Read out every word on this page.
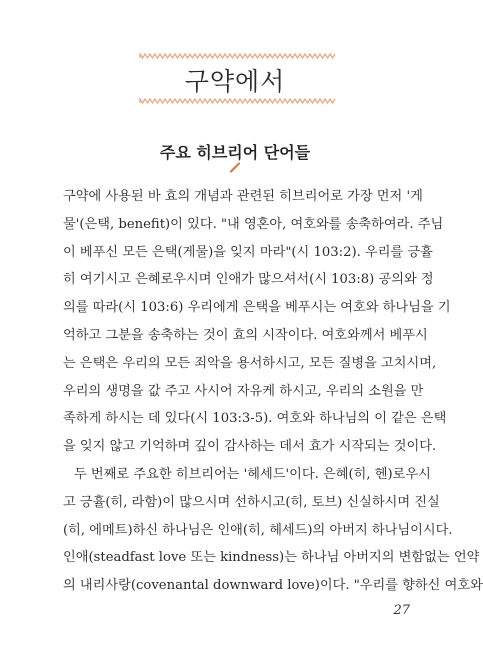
구약에서
주요 히브리어 단어들
구약에 사용된 바 효의 개념과 관련된 히브리어로 가장 먼저 '게
물'(은택, benefit)이 있다. "내 영혼아, 여호와를 송축하여라. 주님
이 베푸신 모든 은택(게물)을 잊지 마라"(시 103:2). 우리를 긍휼
히 여기시고 은혜로우시며 인애가 많으셔서(시 103:8) 공의와 정
의를 따라(시 103:6) 우리에게 은택을 베푸시는 여호와 하나님을 기
억하고 그분을 송축하는 것이 효의 시작이다. 여호와께서 베푸시
는 은택은 우리의 모든 죄악을 용서하시고, 모든 질병을 고치시며,
우리의 생명을 값 주고 사시어 자유케 하시고, 우리의 소원을 만
족하게 하시는 데 있다(시 103:3-5). 여호와 하나님의 이 같은 은택
을 잊지 않고 기억하며 깊이 감사하는 데서 효가 시작되는 것이다.
두 번째로 주요한 히브리어는 '헤세드'이다. 은혜(히, 헨)로우시
고 긍휼(히, 라함)이 많으시며 선하시고(히, 토브) 신실하시며 진실
(히, 에메트)하신 하나님은 인애(히, 헤세드)의 아버지 하나님이시다.
인애(steadfast love 또는 kindness)는 하나님 아버지의 변함없는 언약
의 내리사랑(covenantal downward love)이다. "우리를 향하신 여호와
27
